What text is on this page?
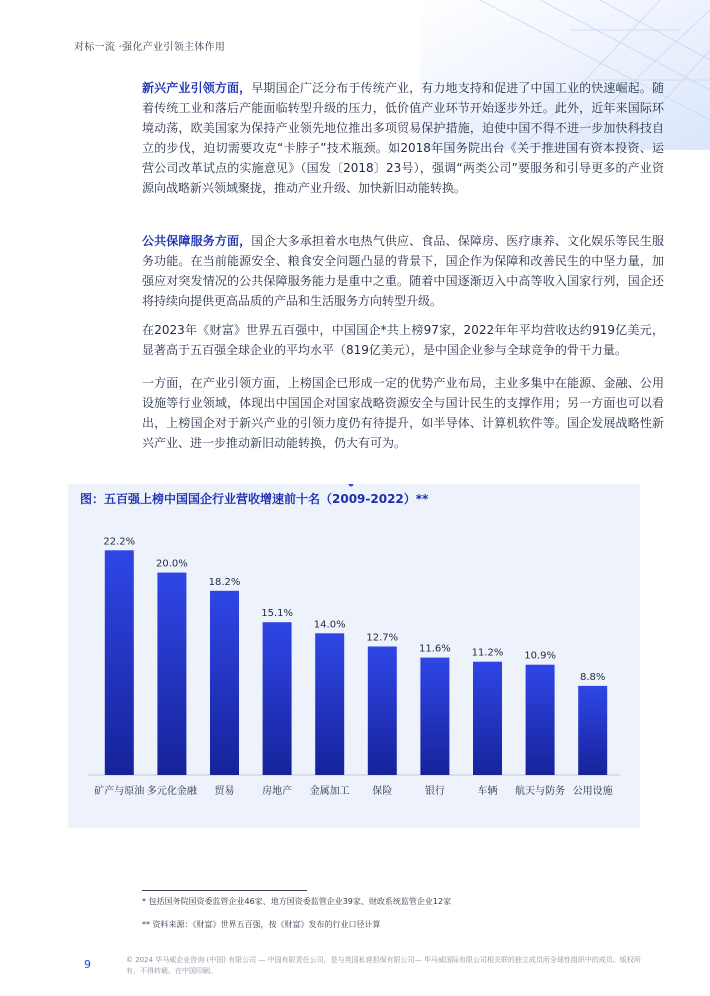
对标一流 ·强化产业引领主体作用
新兴产业引领方面，早期国企广泛分布于传统产业，有力地支持和促进了中国工业的快速崛起。随着传统工业和落后产能面临转型升级的压力，低价值产业环节开始逐步外迁。此外，近年来国际环境动荡，欧美国家为保持产业领先地位推出多项贸易保护措施，迫使中国不得不进一步加快科技自立的步伐，迫切需要攻克“卡脖子”技术瓶颈。如2018年国务院出台《关于推进国有资本投资、运营公司改革试点的实施意见》（国发〔2018〕23号），强调“两类公司”要服务和引导更多的产业资源向战略新兴领域聚拢，推动产业升级、加快新旧动能转换。
公共保障服务方面，国企大多承担着水电热气供应、食品、保障房、医疗康养、文化娱乐等民生服务功能。在当前能源安全、粮食安全问题凸显的背景下，国企作为保障和改善民生的中坚力量，加强应对突发情况的公共保障服务能力是重中之重。随着中国逐渐迈入中高等收入国家行列，国企还将持续向提供更高品质的产品和生活服务方向转型升级。
在2023年《财富》世界五百强中，中国国企*共上榜97家，2022年年平均营收达约919亿美元，显著高于五百强全球企业的平均水平（819亿美元），是中国企业参与全球竞争的骨干力量。
一方面，在产业引领方面，上榜国企已形成一定的优势产业布局，主业多集中在能源、金融、公用设施等行业领域，体现出中国国企对国家战略资源安全与国计民生的支撑作用；另一方面也可以看出，上榜国企对于新兴产业的引领力度仍有待提升，如半导体、计算机软件等。国企发展战略性新兴产业、进一步推动新旧动能转换，仍大有可为。
图：五百强上榜中国国企行业营收增速前十名（2009-2022）**
22.2%
矿产与原油
20.0%
多元化金融
18.2%
贸易
15.1%
房地产
14.0%
金属加工
12.7%
保险
11.6%
银行
11.2%
车辆
10.9%
航天与防务
8.8%
公用设施
* 包括国务院国资委监管企业46家、地方国资委监管企业39家、财政系统监管企业12家
** 资料来源：《财富》世界五百强，按《财富》发布的行业口径计算
9	© 2024 毕马威企业咨询 (中国) 有限公司 — 中国有限责任公司，是与英国私营担保有限公司— 毕马威国际有限公司相关联的独立成员所全球性组织中的成员。版权所有，不得转载。在中国印刷。
